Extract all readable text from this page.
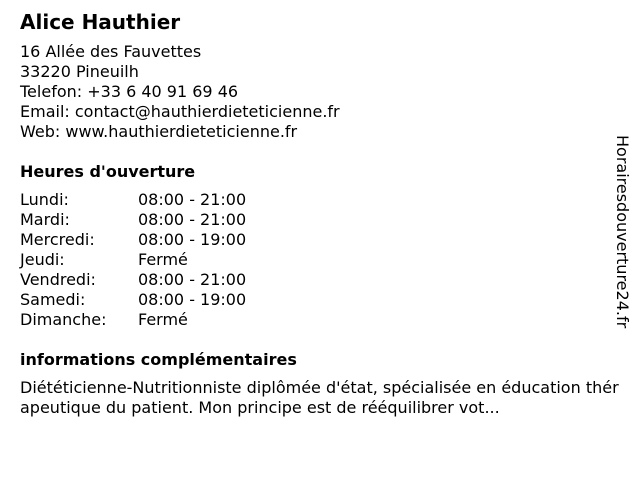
Alice Hauthier
16 Allée des Fauvettes
33220 Pineuilh
Telefon: +33 6 40 91 69 46
Email: contact@hauthierdieteticienne.fr
Web: www.hauthierdieteticienne.fr
Heures d'ouverture
Lundi:	08:00 - 21:00
Mardi:	08:00 - 21:00
Mercredi:	08:00 - 19:00
Jeudi:	Fermé
Vendredi:	08:00 - 21:00
Samedi:	08:00 - 19:00
Dimanche:	Fermé
informations complémentaires
Diététicienne-Nutritionniste diplômée d'état, spécialisée en éducation thérapeutique du patient. Mon principe est de rééquilibrer vot...
Horairesdouverture24.fr
